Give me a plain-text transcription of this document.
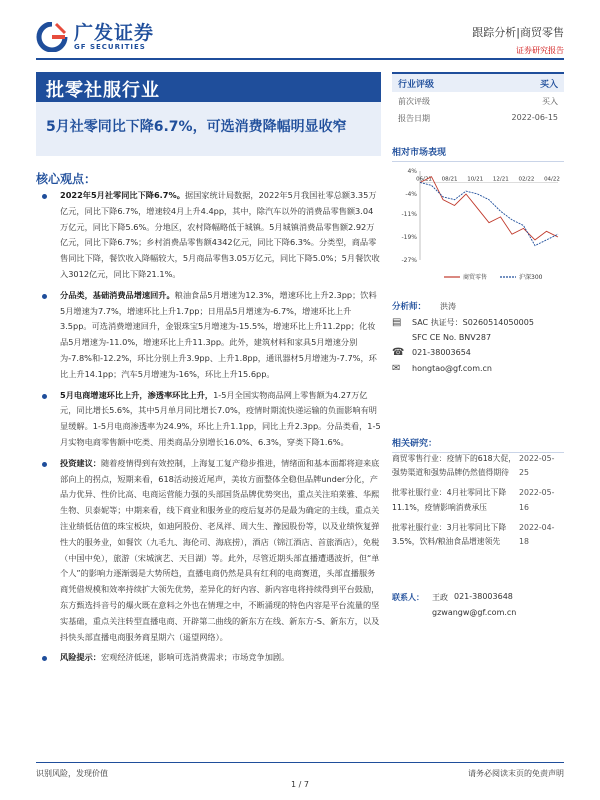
广发证券
GF SECURITIES
跟踪分析|商贸零售
证券研究报告
批零社服行业
5月社零同比下降6.7%，可选消费降幅明显收窄
核心观点：
2022年5月社零同比下降6.7%。据国家统计局数据，2022年5月我国社零总额3.35万亿元，同比下降6.7%，增速较4月上升4.4pp，其中，除汽车以外的消费品零售额3.04万亿元，同比下降5.6%。分地区，农村降幅略低于城镇。5月城镇消费品零售额2.92万亿元，同比下降6.7%；乡村消费品零售额4342亿元，同比下降6.3%。分类型，商品零售同比下降，餐饮收入降幅较大，5月商品零售3.05万亿元，同比下降5.0%；5月餐饮收入3012亿元，同比下降21.1%。
分品类，基础消费品增速回升。粮油食品5月增速为12.3%，增速环比上升2.3pp；饮料5月增速为7.7%，增速环比上升1.7pp；日用品5月增速为-6.7%，增速环比上升3.5pp。可选消费增速回升，金银珠宝5月增速为-15.5%，增速环比上升11.2pp；化妆品5月增速为-11.0%，增速环比上升11.3pp。此外，建筑材料和家具5月增速分别为-7.8%和-12.2%，环比分别上升3.9pp、上升1.8pp，通讯器材5月增速为-7.7%，环比上升14.1pp；汽车5月增速为-16%，环比上升15.6pp。
5月电商增速环比上升，渗透率环比上升，1-5月全国实物商品网上零售额为4.27万亿元，同比增长5.6%，其中5月单月同比增长7.0%，疫情时期流快递运输的负面影响有明显缓解。1-5月电商渗透率为24.9%，环比上升1.1pp，同比上升2.3pp。分品类看，1-5月实物电商零售额中吃类、用类商品分别增长16.0%、6.3%，穿类下降1.6%。
投资建议：随着疫情得到有效控制，上海复工复产稳步推进，情绪面和基本面都将迎来底部向上的拐点，短期来看，618活动接近尾声，美妆方面整体全稳但品牌under分化，产品力优异、性价比高、电商运营能力强的头部国货品牌优势突出，重点关注珀莱雅、华熙生物、贝泰妮等；中期来看，线下商业和服务业的疫后复苏仍是最为确定的主线，重点关注业绩低估值的珠宝板块，如迪阿股份、老凤祥、周大生、豫园股份等，以及业绩恢复弹性大的服务业，如餐饮（九毛九、海伦司、海底捞），酒店（锦江酒店、首旅酒店），免税（中国中免），旅游（宋城演艺、天目湖）等。此外，尽管近期头部直播遭遇波折，但“单个人”的影响力逐渐弱是大势所趋，直播电商仍然是具有红利的电商赛道，头部直播服务商凭借规模和效率持续扩大领先优势，差异化的好内容、新内容电将持续得到平台鼓励，东方甄选抖音号的爆火既在意料之外也在情理之中，不断涌现的特色内容是平台流量的坚实基础，重点关注转型直播电商、开辟第二曲线的新东方在线、新东方-S、新东方，以及抖快头部直播电商服务商星期六（遥望网络）。
风险提示：宏观经济低迷，影响可选消费需求；市场竞争加剧。
行业评级	买入
前次评级	买入
报告日期	2022-06-15
相对市场表现
4%
-4%
-11%
-19%
-27%
06/21 08/21 10/21 12/21 02/22 04/22
商贸零售	沪深300
分析师： 洪涛
▤	SAC 执证号：S0260514050005
SFC CE No. BNV287
☎ 021-38003654
✉	hongtao@gf.com.cn
相关研究：
商贸零售行业：疫情下的618大促，强势渠道和强势品牌仍然值得期待
2022-05-25
批零社服行业：4月社零同比下降11.1%，疫情影响消费承压
2022-05-16
批零社服行业：3月社零同比下降3.5%，饮料/粮油食品增速领先
2022-04-18
联系人：	王政 021-38003648
gzwangw@gf.com.cn
识别风险，发现价值	请务必阅读末页的免责声明
1 / 7
